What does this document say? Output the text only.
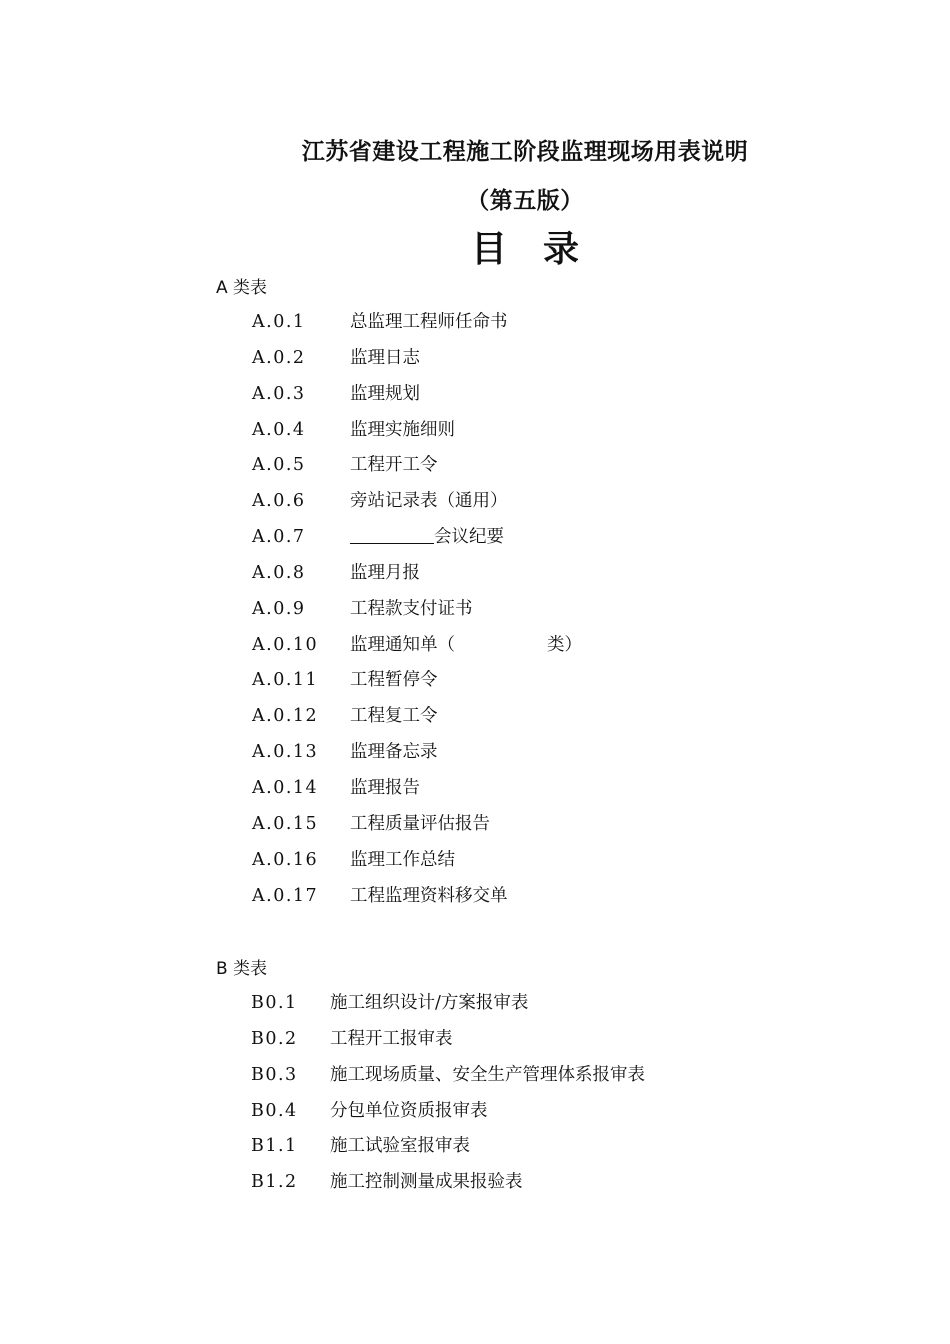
江苏省建设工程施工阶段监理现场用表说明
（第五版）
目　录
A 类表
A.0.1	总监理工程师任命书
A.0.2	监理日志
A.0.3	监理规划
A.0.4	监理实施细则
A.0.5	工程开工令
A.0.6	旁站记录表（通用）
A.0.7	会议纪要
A.0.8	监理月报
A.0.9	工程款支付证书
A.0.10	监理通知单（	类）
A.0.11	工程暂停令
A.0.12	工程复工令
A.0.13	监理备忘录
A.0.14	监理报告
A.0.15	工程质量评估报告
A.0.16	监理工作总结
A.0.17	工程监理资料移交单
B 类表
B0.1	施工组织设计/方案报审表
B0.2	工程开工报审表
B0.3	施工现场质量、安全生产管理体系报审表
B0.4	分包单位资质报审表
B1.1	施工试验室报审表
B1.2	施工控制测量成果报验表
